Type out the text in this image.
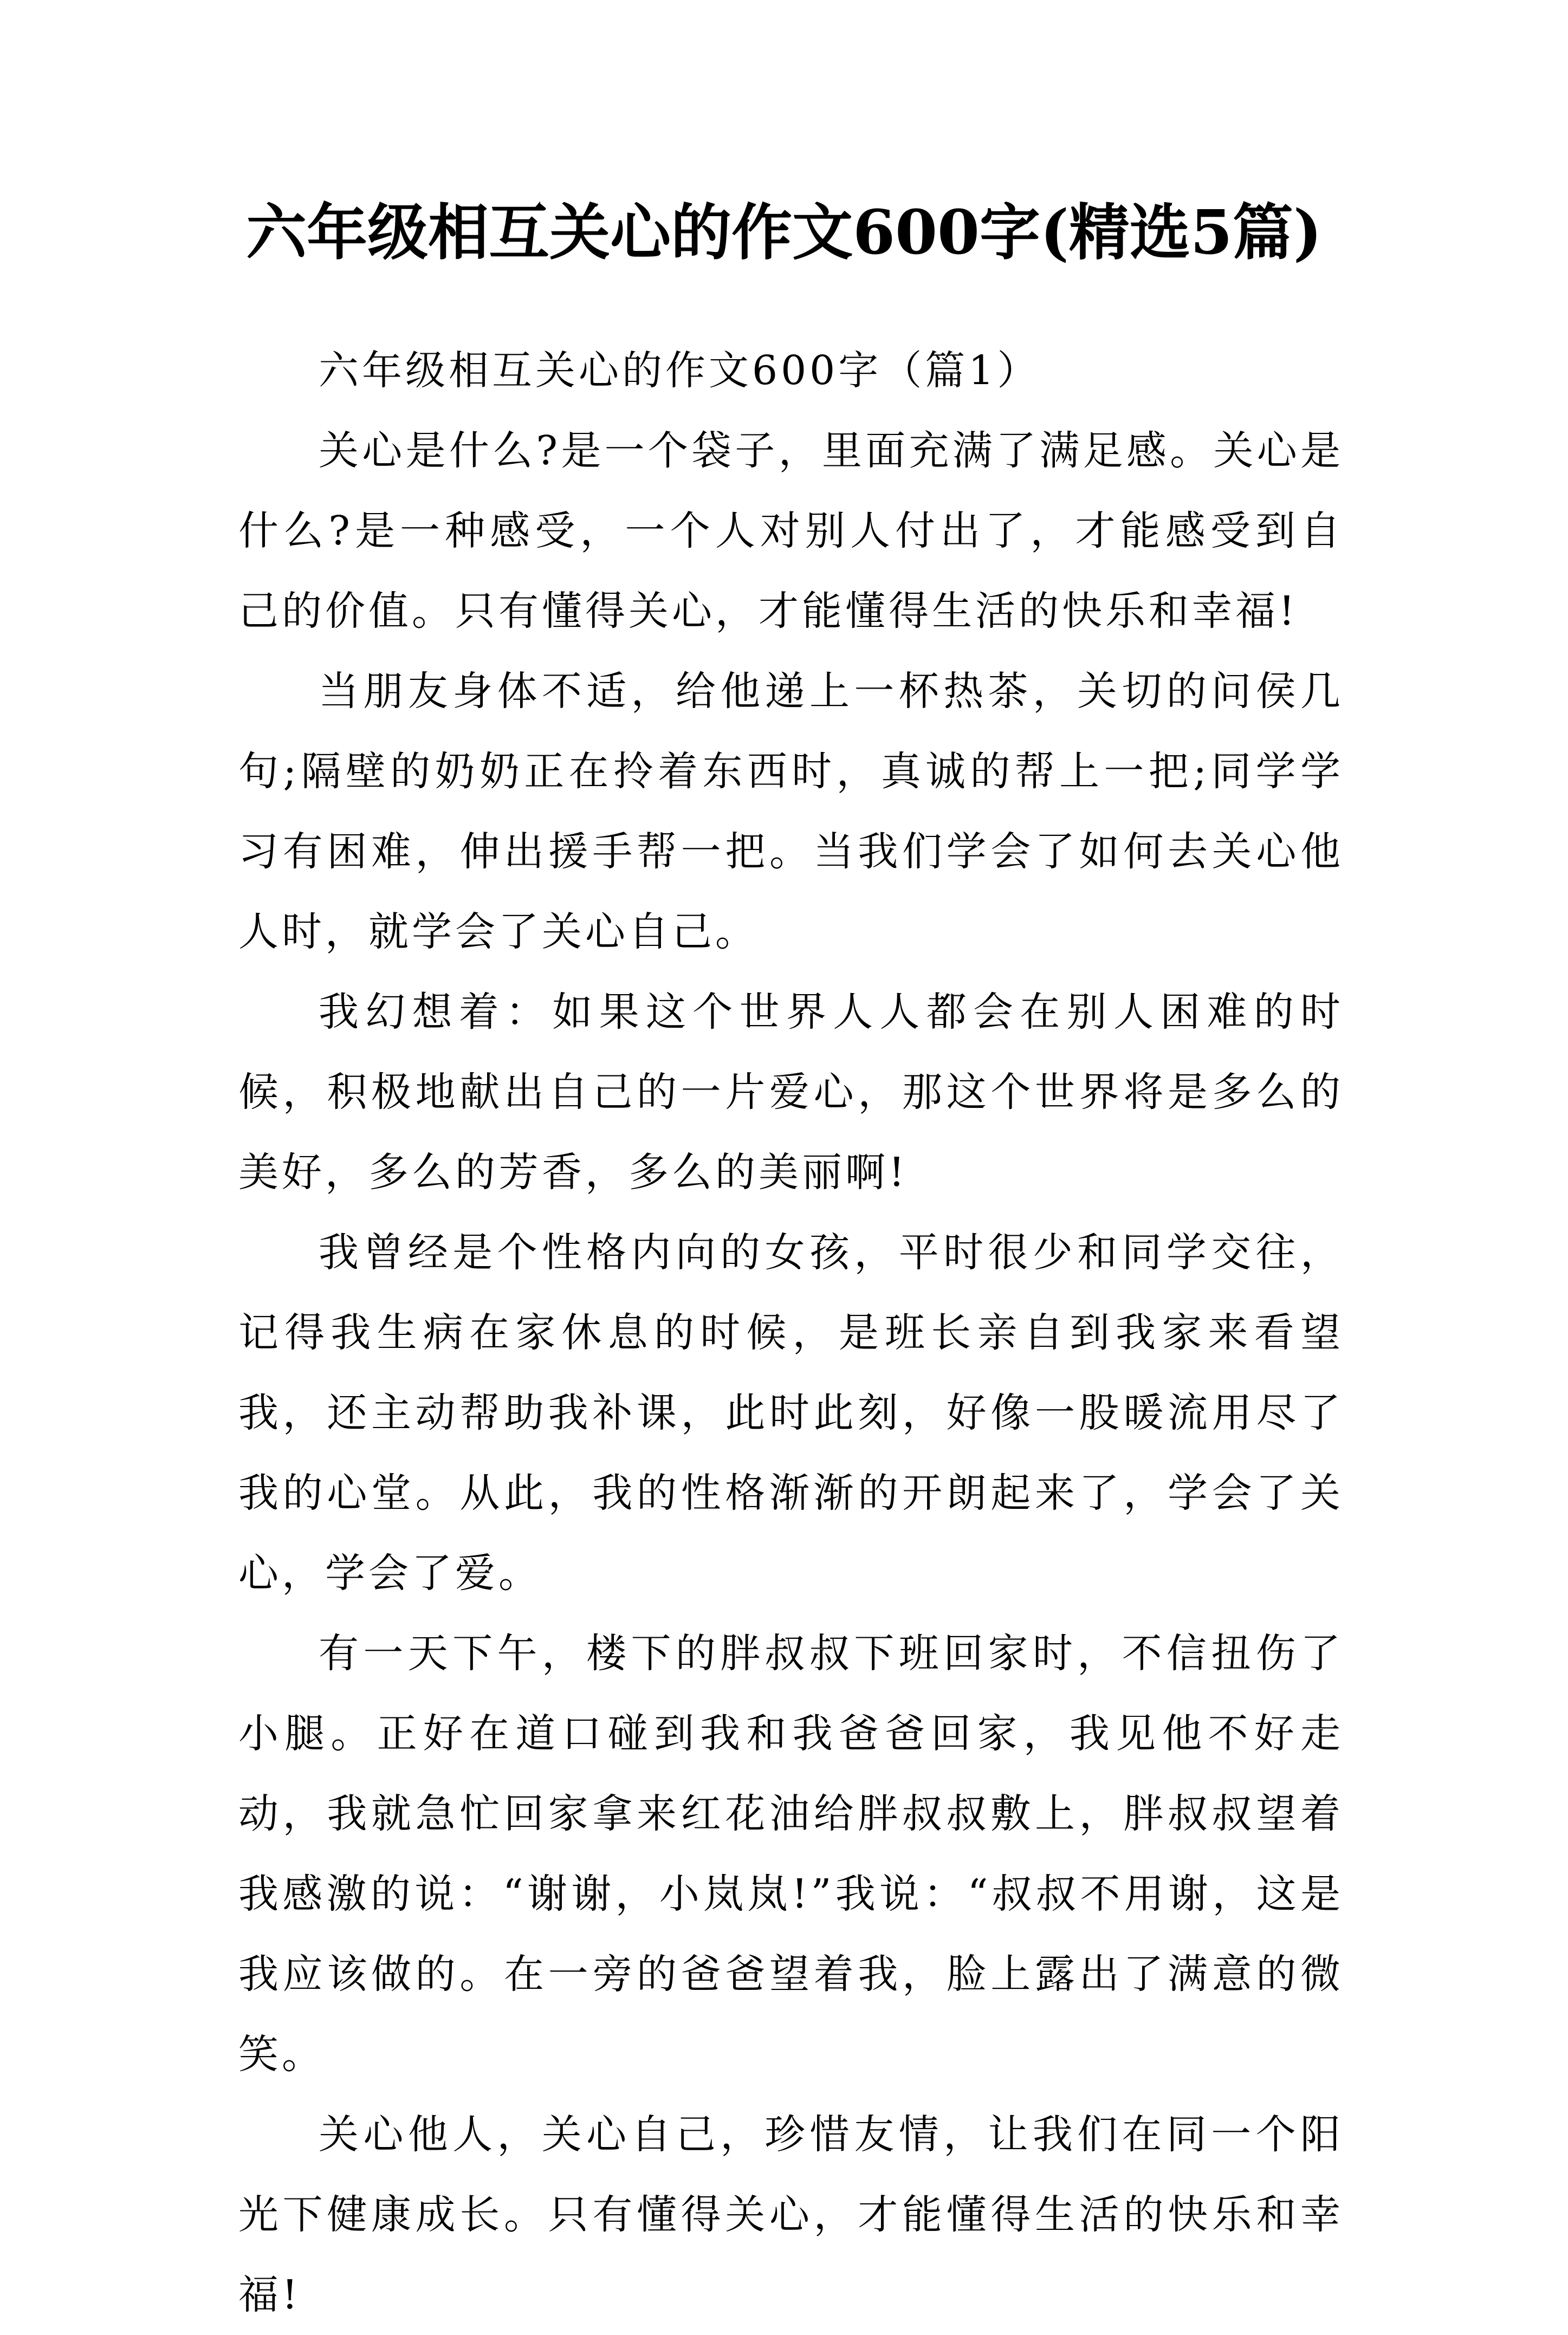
六年级相互关心的作文600字(精选5篇)

六年级相互关心的作文600字（篇1）

关心是什么?是一个袋子，里面充满了满足感。关心是什么?是一种感受，一个人对别人付出了，才能感受到自己的价值。只有懂得关心，才能懂得生活的快乐和幸福!

当朋友身体不适，给他递上一杯热茶，关切的问侯几句;隔壁的奶奶正在拎着东西时，真诚的帮上一把;同学学习有困难，伸出援手帮一把。当我们学会了如何去关心他人时，就学会了关心自己。

我幻想着：如果这个世界人人都会在别人困难的时候，积极地献出自己的一片爱心，那这个世界将是多么的美好，多么的芳香，多么的美丽啊!

我曾经是个性格内向的女孩，平时很少和同学交往，记得我生病在家休息的时候，是班长亲自到我家来看望我，还主动帮助我补课，此时此刻，好像一股暖流用尽了我的心堂。从此，我的性格渐渐的开朗起来了，学会了关心，学会了爱。

有一天下午，楼下的胖叔叔下班回家时，不信扭伤了小腿。正好在道口碰到我和我爸爸回家，我见他不好走动，我就急忙回家拿来红花油给胖叔叔敷上，胖叔叔望着我感激的说：“谢谢，小岚岚!”我说：“叔叔不用谢，这是我应该做的。在一旁的爸爸望着我，脸上露出了满意的微笑。

关心他人，关心自己，珍惜友情，让我们在同一个阳光下健康成长。只有懂得关心，才能懂得生活的快乐和幸福!
